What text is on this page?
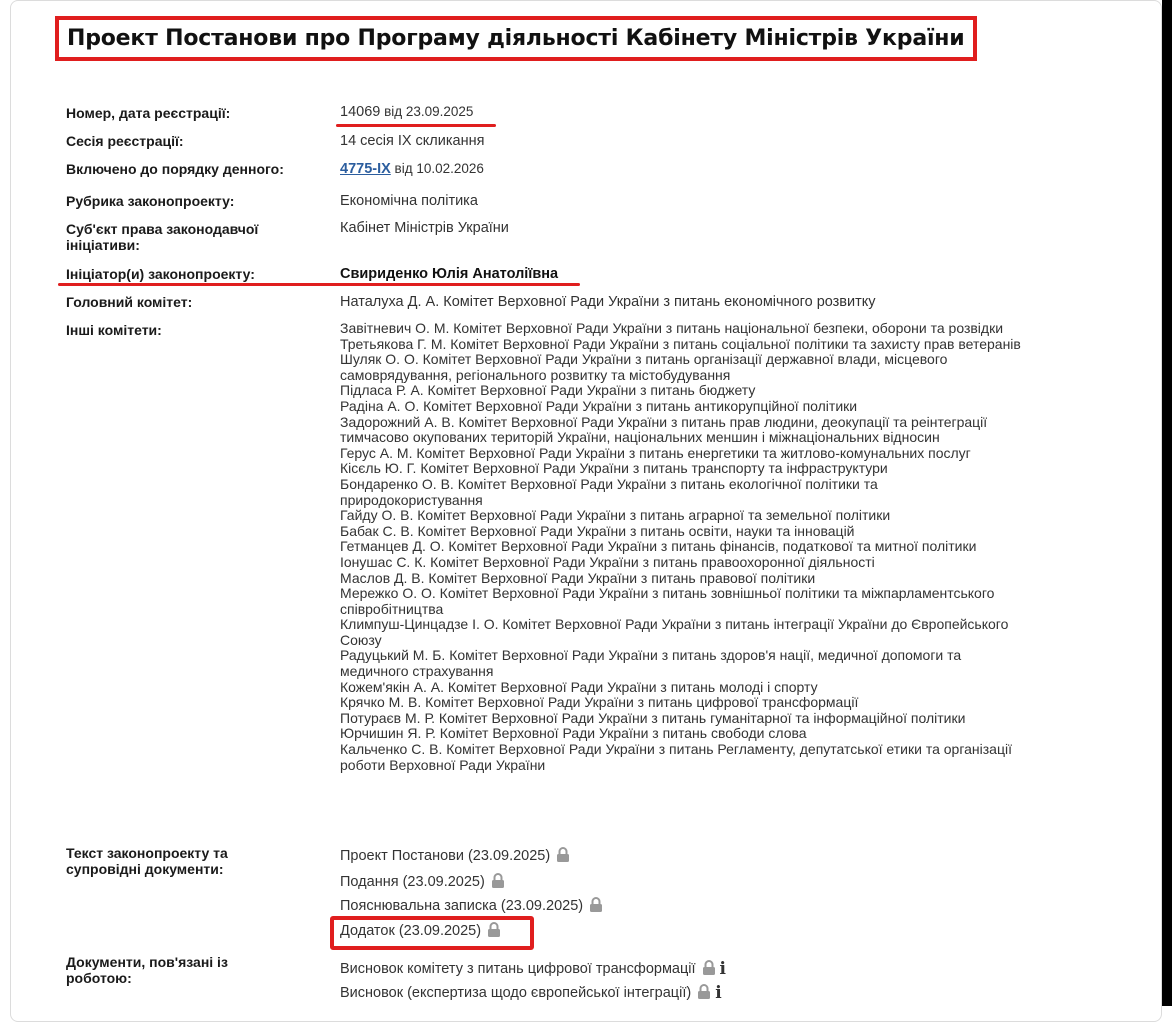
Проект Постанови про Програму діяльності Кабінету Міністрів України
Номер, дата реєстрації:	14069 від 23.09.2025
Сесія реєстрації:	14 сесія IX скликання
Включено до порядку денного:	4775-IX від 10.02.2026
Рубрика законопроекту:	Економічна політика
Суб'єкт права законодавчої ініціативи:
Кабінет Міністрів України
Ініціатор(и) законопроекту:	Свириденко Юлія Анатоліївна
Головний комітет:	Наталуха Д. А. Комітет Верховної Ради України з питань економічного розвитку
Інші комітети:	Завітневич О. М. Комітет Верховної Ради України з питань національної безпеки, оборони та розвідки
Третьякова Г. М. Комітет Верховної Ради України з питань соціальної політики та захисту прав ветеранів
Шуляк О. О. Комітет Верховної Ради України з питань організації державної влади, місцевого
самоврядування, регіонального розвитку та містобудування
Підласа Р. А. Комітет Верховної Ради України з питань бюджету
Радіна А. О. Комітет Верховної Ради України з питань антикорупційної політики
Задорожний А. В. Комітет Верховної Ради України з питань прав людини, деокупації та реінтеграції
тимчасово окупованих територій України, національних меншин і міжнаціональних відносин
Герус А. М. Комітет Верховної Ради України з питань енергетики та житлово-комунальних послуг
Кісєль Ю. Г. Комітет Верховної Ради України з питань транспорту та інфраструктури
Бондаренко О. В. Комітет Верховної Ради України з питань екологічної політики та
природокористування
Гайду О. В. Комітет Верховної Ради України з питань аграрної та земельної політики
Бабак С. В. Комітет Верховної Ради України з питань освіти, науки та інновацій
Гетманцев Д. О. Комітет Верховної Ради України з питань фінансів, податкової та митної політики
Іонушас С. К. Комітет Верховної Ради України з питань правоохоронної діяльності
Маслов Д. В. Комітет Верховної Ради України з питань правової політики
Мережко О. О. Комітет Верховної Ради України з питань зовнішньої політики та міжпарламентського
співробітництва
Климпуш-Цинцадзе І. О. Комітет Верховної Ради України з питань інтеграції України до Європейського
Союзу
Радуцький М. Б. Комітет Верховної Ради України з питань здоров'я нації, медичної допомоги та
медичного страхування
Кожем'якін А. А. Комітет Верховної Ради України з питань молоді і спорту
Крячко М. В. Комітет Верховної Ради України з питань цифрової трансформації
Потураєв М. Р. Комітет Верховної Ради України з питань гуманітарної та інформаційної політики
Юрчишин Я. Р. Комітет Верховної Ради України з питань свободи слова
Кальченко С. В. Комітет Верховної Ради України з питань Регламенту, депутатської етики та організації
роботи Верховної Ради України
Текст законопроекту та супровідні документи:
Проект Постанови (23.09.2025)
Подання (23.09.2025)
Пояснювальна записка (23.09.2025)
Додаток (23.09.2025)
Документи, пов'язані із роботою:
Висновок комітету з питань цифрової трансформації i
Висновок (експертиза щодо європейської інтеграції) i
